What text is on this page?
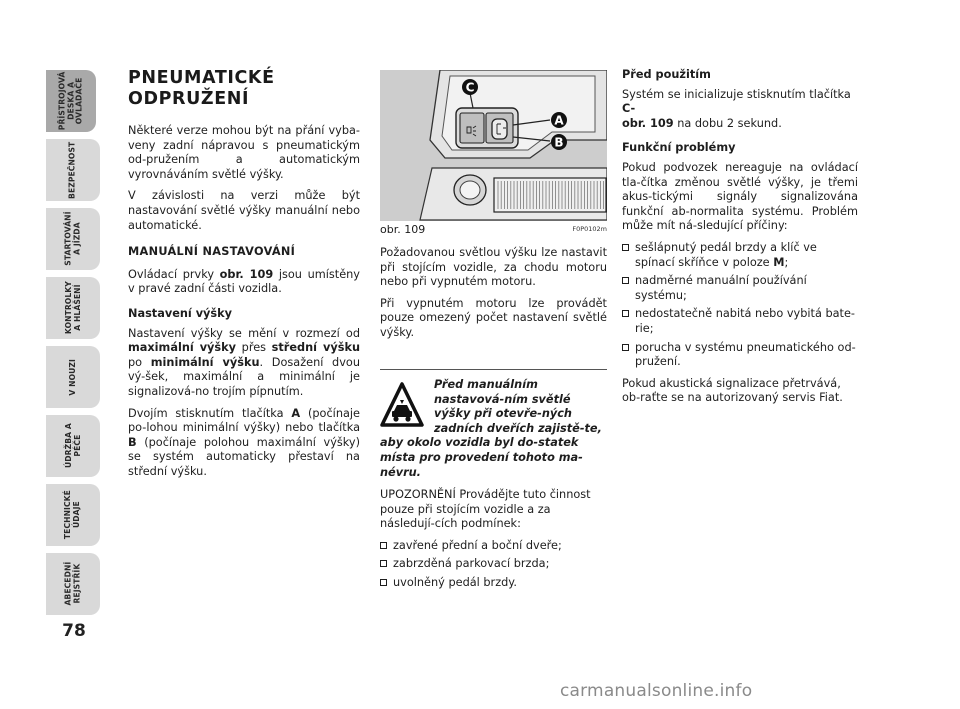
PŘÍSTROJOVÁ
DESKA A
OVLADAČE
BEZPEČNOST
STARTOVÁNÍ
A JÍZDA
KONTROLKY
A HLÁŠENÍ
V NOUZI
ÚDRŽBA A
PÉČE
TECHNICKÉ
ÚDAJE
ABECEDNÍ
REJSTŘÍK
78
PNEUMATICKÉ
ODPRUŽENÍ

Některé verze mohou být na přání vyba-veny zadní nápravou s pneumatickým od-pružením a automatickým vyrovnáváním světlé výšky.

V závislosti na verzi může být nastavování světlé výšky manuální nebo automatické.

MANUÁLNÍ NASTAVOVÁNÍ

Ovládací prvky obr. 109 jsou umístěny v pravé zadní části vozidla.

Nastavení výšky

Nastavení výšky se mění v rozmezí od maximální výšky přes střední výšku po minimální výšku. Dosažení dvou vý-šek, maximální a minimální je signalizová-no trojím pípnutím.

Dvojím stisknutím tlačítka A (počínaje po-lohou minimální výšky) nebo tlačítka B (počínaje polohou maximální výšky) se systém automaticky přestaví na střední výšku.

C
A
B
obr. 109	F0P0102m

Požadovanou světlou výšku lze nastavit při stojícím vozidle, za chodu motoru nebo při vypnutém motoru.

Při vypnutém motoru lze provádět pouze omezený počet nastavení světlé výšky.

Před manuálním nastavová-ním světlé výšky při otevře-ných zadních dveřích zajistě-te, aby okolo vozidla byl do-statek místa pro provedení tohoto ma-névru.

UPOZORNĚNÍ Provádějte tuto činnost pouze při stojícím vozidle a za následují-cích podmínek:

zavřené přední a boční dveře;
zabrzděná parkovací brzda;
uvolněný pedál brzdy.
Před použitím

Systém se inicializuje stisknutím tlačítka C-
obr. 109 na dobu 2 sekund.

Funkční problémy

Pokud podvozek nereaguje na ovládací tla-čítka změnou světlé výšky, je třemi akus-tickými signály signalizována funkční ab-normalita systému. Problém může mít ná-sledující příčiny:

sešlápnutý pedál brzdy a klíč ve spínací skříňce v poloze M;
nadměrné manuální používání systému;
nedostatečně nabitá nebo vybitá bate-rie;
porucha v systému pneumatického od-pružení.

Pokud akustická signalizace přetrvává, ob-raťte se na autorizovaný servis Fiat.

carmanualsonline.info
